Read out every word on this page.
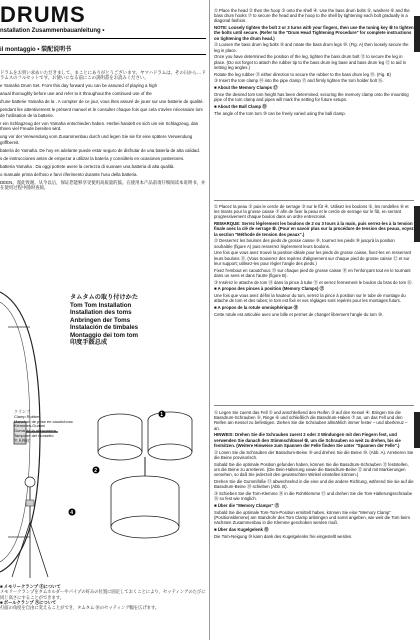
DRUMS
nstallation Zusammenbauanleitung •
il montaggio • 装配说明书

ドラムをお買い求めいただきまして、まことにありがとうございます。ヤマハドラムは、その日から…ドラムスのフルセットです。お使いになる前にこの説明書をお読みください。

e Yamaha Drum Set. From this day forward you can be assured of playing a high

anual thoroughly before use and refer to it throughout the continued use of the

d'une batterie Yamaha de la . A compter de ce jour, vous êtes assuré de jouer sur une batterie de qualité.

pendant lire attentivement le présent manuel et le consulter chaque fois que cela s'avère nécessaire lors de l'utilisation de la batterie.

r ein Schlagzeug der von Yamaha entschieden haben. Herbei handelt es sich um ein Schlagzeug, das Ihnen viel Freude bereiten wird.

ung vor der Verwendung vom Zusammenbau durch und legen Sie sie für eine spätere Verwendung griffbereit.

batería de Yamaha. De hoy en adelante puede estar seguro de disfrutar de una batería de alta calidad.

s de instrucciones antes de empezar a utilizar la batería y consúltelo en ocasiones posteriores.

batteria Yamaha . Da oggi potrete avere la certezza di suonare una batteria di alta qualità.

o manuale prima dell'uso e farvi riferimento durante l'uso della batteria.

DEEN。谨此致谢。从今以后，保证您能够享受使用高质量的鼓。在使用本产品前请仔细阅读本说明书，并在使用过程中随时查阅。

1
2
4
クランプ
Clamp Rubber
Manchon de prise en caoutchouc
Klemmen-Gummi
Goma de la abrazadera
Tampone del morsetto
夹具橡皮
タムタムの取り付けかた
Tom Tom Installation
Installation des toms
Anbringen der Toms
Instalación de timbales
Montaggio dei tom tom
印度手鼓总成
■ メモリークランプ ⑧について
メモリークランプをタムホルダーやパイプの好みの位置に固定しておくことにより、セッティングのたびに同じ高さにすることができます。
■ ボールクランプ ⑨について
打面の角度を自由に変えることができ、タムタム ⑩のセッティング幅を広げます。

① Place the head ② then the hoop ③ onto the shell ④. Use the bass drum bolts ⑤, washers ⑥ and the bass drum hooks ⑦ to secure the head and the hoop to the shell by tightening each bolt gradually in a diagonal fashion.

NOTE: Loosely tighten the bolt 2 or 3 turns with your fingers, then use the tuning key ⑧ to tighten the bolts until secure. (Refer to the "Drum Head Tightening Procedure" for complete instructions on tightening the drum head.)

② Loosen the bass drum leg bolts ⑨ and rotate the bass drum legs ⑩. (Fig. A) then loosely secure the leg in place.

Once you have determined the position of the leg, tighten the bass drum bolt ⑪ to secure the leg in place. (Do not forget to attach the rubber tip to the bass drum leg base and bass drum leg ⑫ to aid in setting leg angles.)

Rotate the leg rubber ⑬ either direction to secure the rubber to the bass drum leg ⑩. (Fig. B)

③ Insert the tom clamp ⑭ into the pipe clamp ⑮ and firmly tighten the tom holder bolt ⑯.

■ About the Memory Clamps ⑰

Once the desired tom tom height has been determined, securing the memory clamp onto the mounting pipe of the tom clamp and pipes will mark the setting for future setups.

■ About the Ball Clamp ⑱

The angle of the tom tom ⑩ can be freely varied using the ball clamp.

① Placez la peau ② puis le cercle de serrage ③ sur le fût ④. Utilisez les boulons ⑤, les rondelles ⑥ et les tirants pour la grosse caisse ⑦ afin de fixer la peau et le cercle de serrage sur le fût, en serrant progressivement chaque boulon dans un ordre entrecroisé.

REMARQUE: Serrez légèrement les boulons de 2 ou 3 tours à la main, puis serrez-les à la tension finale avec la clé de serrage ⑧. (Pour en savoir plus sur la procédure de tension des peaux, voyez la section "Méthode de tension des peaux".)

② Desserrez les boulons des pieds de grosse caisse ⑨, tournez les pieds ⑩ jusqu'à la position souhaitée (figure A) puis resserrez légèrement leurs boulons.

Une fois que vous avez trouvé la position idéale pour les pieds de grosse caisse, fixez-les en resserrant leurs boulons ⑪. (Vous trouverez des repères d'alignement sur chaque pied de grosse caisse ⑫ et sur leur support; utilisez-les pour régler l'angle des pieds.)

Fixez l'embout en caoutchouc ⑬ sur chaque pied de grosse caisse ⑩ en l'enfonçant tout en le tournant dans un sens et dans l'autre (figure B).

③ Insérez le attache de tom ⑭ dans la pince à tube ⑮ et serrez fermement le boulon du bras de tom ⑯.

■ A propos des pinces à position (Memory Clamps) ⑰

Une fois que vous avez défini la hauteur du tom, serrez la pince à position sur le tube de montage du attache de tom et des tubes; le tom est fixé et vos réglages sont repérés pour les montages futurs.

■ A propos de la rotule omnisphérique ⑱

Cette rotule est articulée avec une bille et permet de changer librement l'angle du tom ⑩.

① Legen Sie zuerst das Fell ② und anschließend den Reifen ③ auf den Kessel ④. Bringen Sie die Bassdrum-Schrauben ⑤, Ringe ⑥ und schließlich die Bassdrum-Haken ⑦ an, um das Fell und den Reifen am Kessel zu befestigen. Ziehen Sie die Schrauben allmählich immer fester – und überkreuz – an.

HINWEIS: Drehen Sie die Schrauben zuerst 2 oder 3 Windungen mit den Fingern fest, und verwenden Sie danach den Stimmschlüssel ⑧, um die Schrauben so weit zu drehen, bis sie festsitzen. (Weitere Hinweise zum Spannen der Felle finden Sie unter "Spannen der Felle".)

② Lösen Sie die Schrauben der Bassdrum-Beine ⑨ und drehen Sie die Beine ⑩. (Abb. A). Arretieren Sie die Beine provisorisch.

Sobald Sie die optimale Position gefunden haben, können Sie die Bassdrum-Schrauben ⑪ feststellen, um die Beine zu arretieren. (Die Bein-Halterung sowie die Bassdrum-Beine ⑫ sind mit Markierungen versehen, so daß Sie jederzeit den gewünschten Winkel einstellen können.)

Drehen Sie die Gummifüße ⑬ abwechselnd in die eine und die andere Richtung, während Sie sie auf die Bassdrum-Beine ⑩ schieben (Abb. B).

③ Schieben Sie die Tom-Klemme ⑭ in die Rohrklemme ⑮ und drehen Sie die Tom-Halterungsschraube ⑯ so fest wie möglich.

■ Über die "Memory Clamps" ⑰

Sobald Sie die optimale Tom-Tom-Position ermittelt haben, können Sie eine "Memory Clamp" (Positionsklemme) am Standrohr des Tom Clamp anbringen und somit angeben, wie weit die Tom beim nächsten Zusammenbau in die Klemme geschoben werden muß.

■ Über das Kugelgelenk ⑱

Die Tom-Neigung ⑩ kann dank des Kugelgelenks frei eingestellt werden.
